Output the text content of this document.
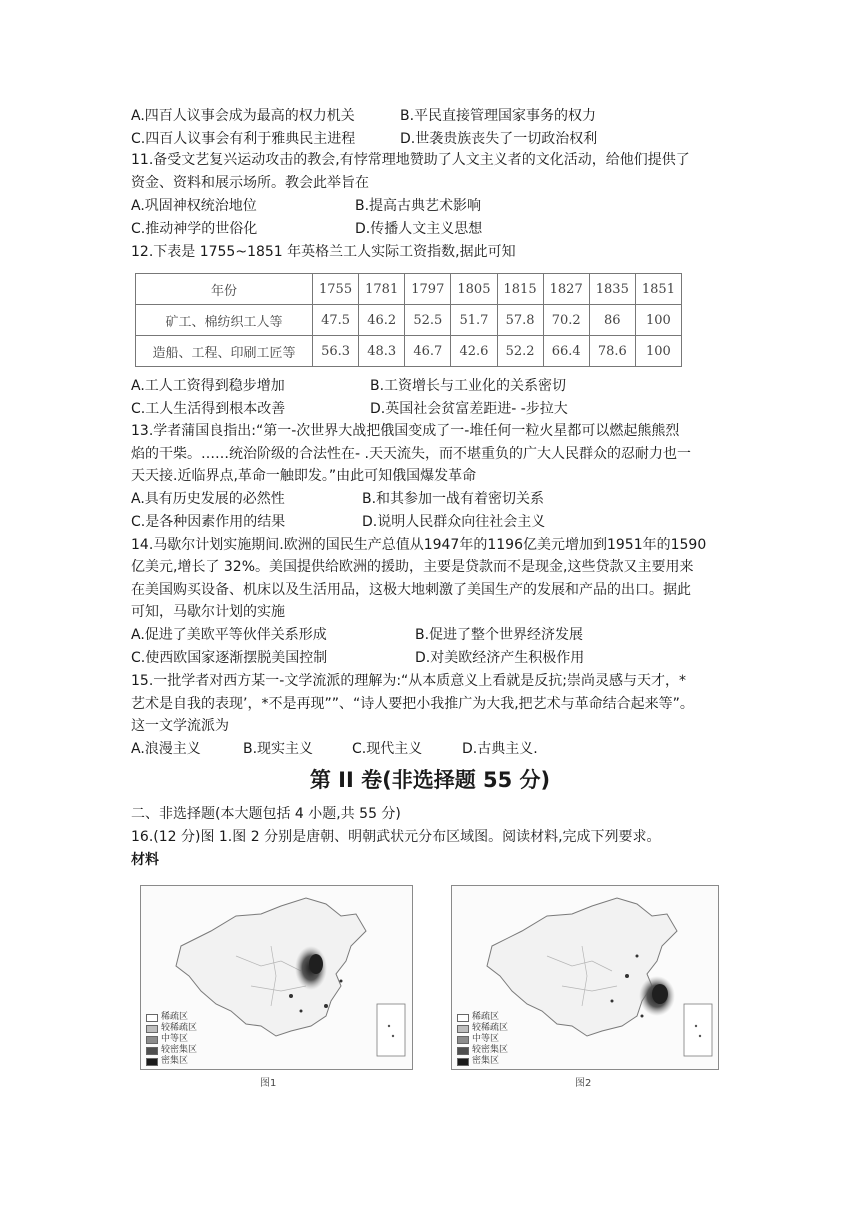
A.四百人议事会成为最高的权力机关	B.平民直接管理国家事务的权力
C.四百人议事会有利于雅典民主进程	D.世袭贵族丧失了一切政治权利
11.备受文艺复兴运动攻击的教会,有悖常理地赞助了人文主义者的文化活动，给他们提供了
资金、资料和展示场所。教会此举旨在
A.巩固神权统治地位	B.提高古典艺术影响
C.推动神学的世俗化	D.传播人文主义思想
12.下表是 1755~1851 年英格兰工人实际工资指数,据此可知
年份	1755	1781	1797	1805	1815	1827	1835	1851
矿工、棉纺织工人等	47.5	46.2	52.5	51.7	57.8	70.2	86	100
造船、工程、印刷工匠等	56.3	48.3	46.7	42.6	52.2	66.4	78.6	100
A.工人工资得到稳步增加	B.工资增长与工业化的关系密切
C.工人生活得到根本改善	D.英国社会贫富差距进- -步拉大
13.学者蒲国良指出:“第一-次世界大战把俄国变成了一-堆任何一粒火星都可以燃起熊熊烈
焰的干柴。……统治阶级的合法性在- .天天流失，而不堪重负的广大人民群众的忍耐力也一
天天接.近临界点,革命一触即发。”由此可知俄国爆发革命
A.具有历史发展的必然性	B.和其参加一战有着密切关系
C.是各种因素作用的结果	D.说明人民群众向往社会主义
14.马歇尔计划实施期间.欧洲的国民生产总值从1947年的1196亿美元增加到1951年的1590
亿美元,增长了 32%。美国提供给欧洲的援助，主要是贷款而不是现金,这些贷款又主要用来
在美国购买设备、机床以及生活用品，这极大地刺激了美国生产的发展和产品的出口。据此
可知，马歇尔计划的实施
A.促进了美欧平等伙伴关系形成	B.促进了整个世界经济发展
C.使西欧国家逐渐摆脱美国控制	D.对美欧经济产生积极作用
15.一批学者对西方某一-文学流派的理解为:“从本质意义上看就是反抗;崇尚灵感与天才，*
艺术是自我的表现’，*不是再现””、“诗人要把小我推广为大我,把艺术与革命结合起来等”。
这一文学流派为
A.浪漫主义	B.现实主义	C.现代主义	D.古典主义.
第 II 卷(非选择题 55 分)
二、非选择题(本大题包括 4 小题,共 55 分)
16.(12 分)图 1.图 2 分别是唐朝、明朝武状元分布区域图。阅读材料,完成下列要求。
材料
稀疏区
较稀疏区
中等区
较密集区
密集区
图1
稀疏区
较稀疏区
中等区
较密集区
密集区
图2
